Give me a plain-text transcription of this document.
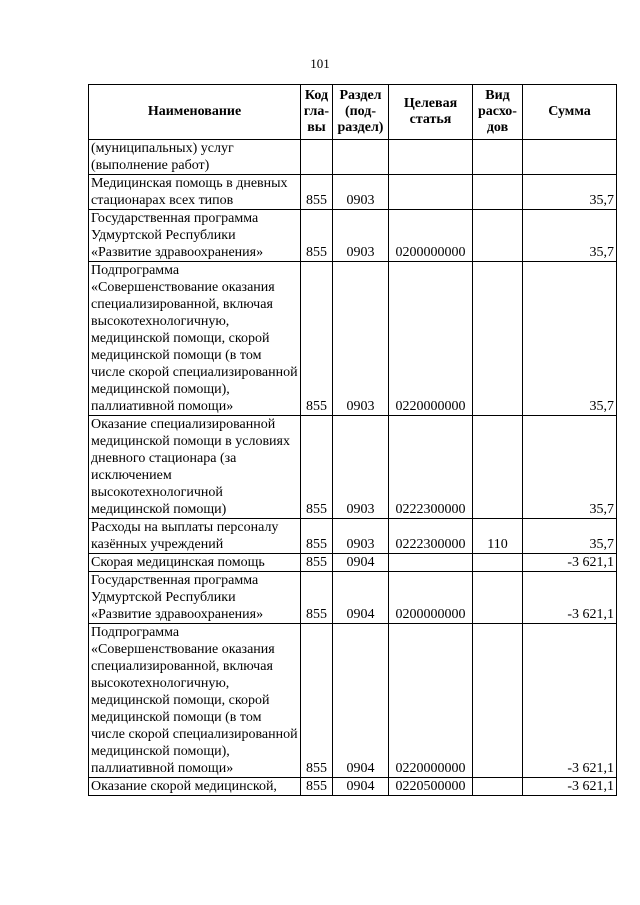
101
Наименование	Код гла-вы	Раздел (под-раздел)	Целевая статья	Вид расхо-дов	Сумма
(муниципальных) услуг (выполнение работ)					
Медицинская помощь в дневных стационарах всех типов	855	0903			35,7
Государственная программа Удмуртской Республики «Развитие здравоохранения»	855	0903	0200000000		35,7
Подпрограмма «Совершенствование оказания специализированной, включая высокотехнологичную, медицинской помощи, скорой медицинской помощи (в том числе скорой специализированной медицинской помощи), паллиативной помощи»	855	0903	0220000000		35,7
Оказание специализированной медицинской помощи в условиях дневного стационара (за исключением высокотехнологичной медицинской помощи)	855	0903	0222300000		35,7
Расходы на выплаты персоналу казённых учреждений	855	0903	0222300000	110	35,7
Скорая медицинская помощь	855	0904			-3 621,1
Государственная программа Удмуртской Республики «Развитие здравоохранения»	855	0904	0200000000		-3 621,1
Подпрограмма «Совершенствование оказания специализированной, включая высокотехнологичную, медицинской помощи, скорой медицинской помощи (в том числе скорой специализированной медицинской помощи), паллиативной помощи»	855	0904	0220000000		-3 621,1
Оказание скорой медицинской,	855	0904	0220500000		-3 621,1
